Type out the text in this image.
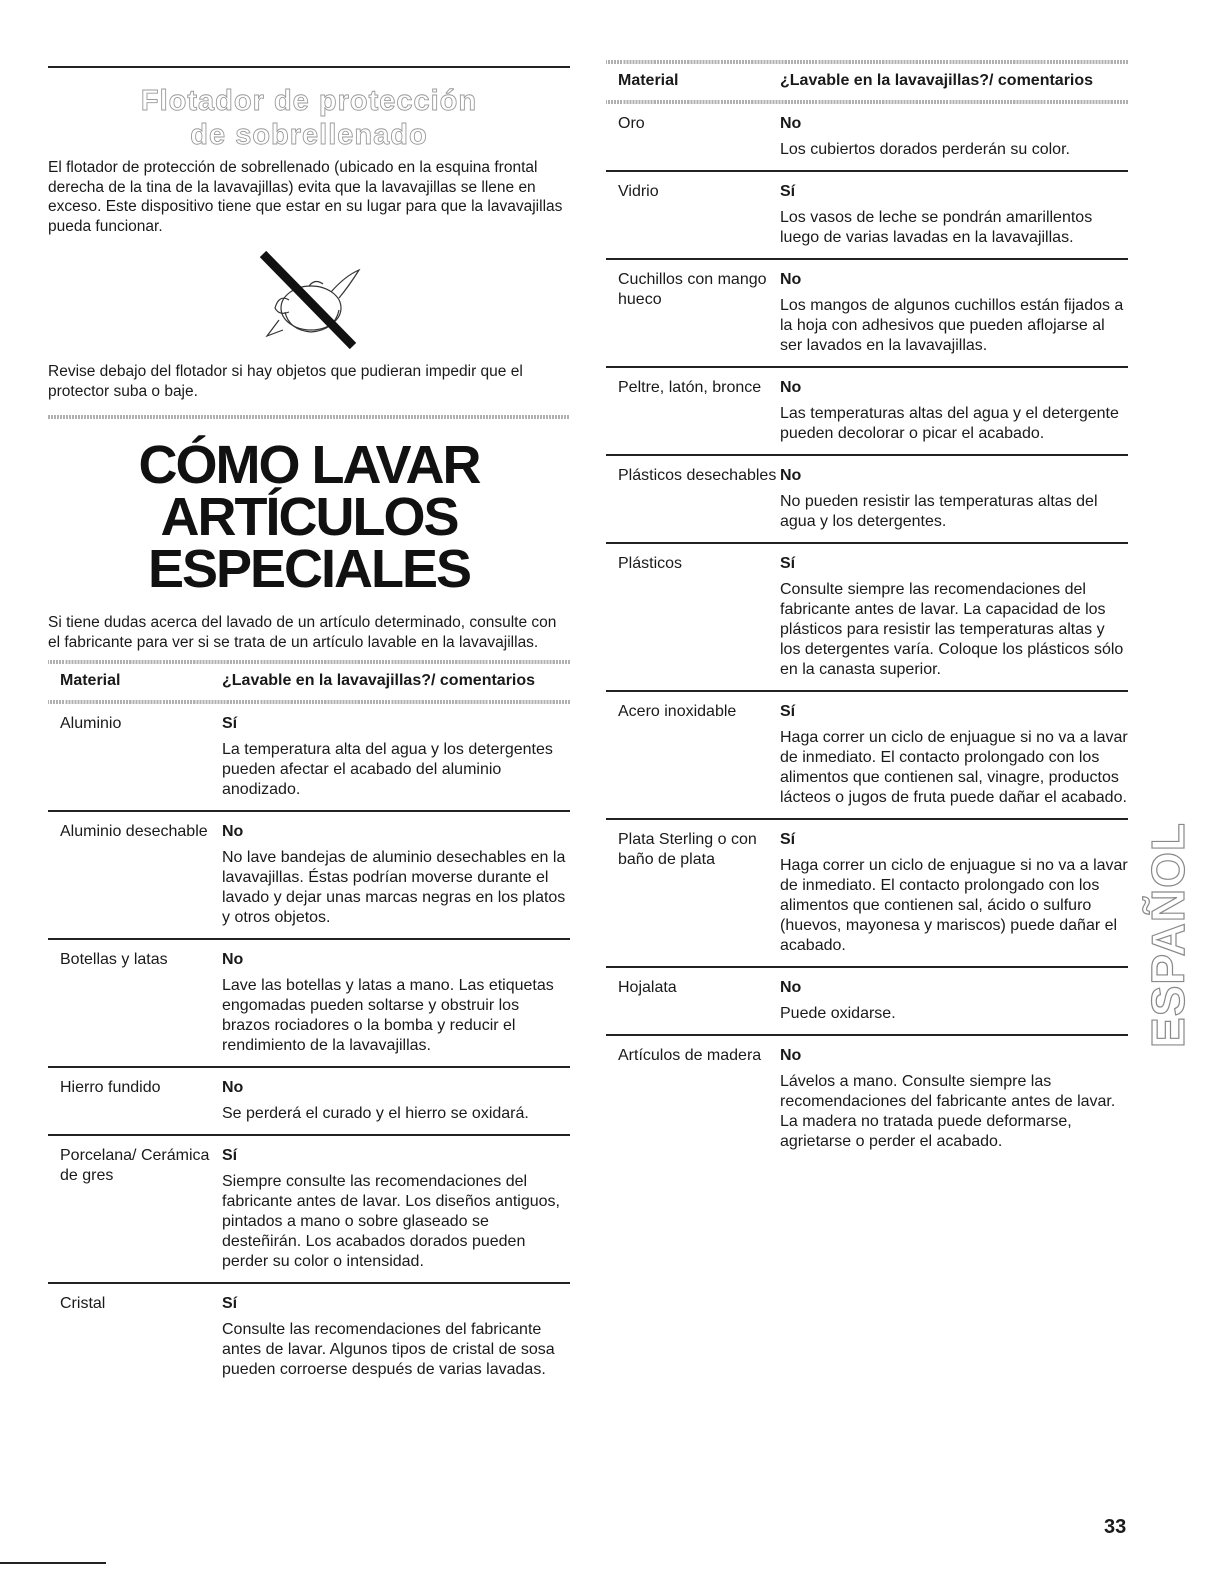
Flotador de protección
de sobrellenado

El flotador de protección de sobrellenado (ubicado en la esquina frontal derecha de la tina de la lavavajillas) evita que la lavavajillas se llene en exceso. Este dispositivo tiene que estar en su lugar para que la lavavajillas pueda funcionar.

Revise debajo del flotador si hay objetos que pudieran impedir que el protector suba o baje.

CÓMO LAVAR
ARTÍCULOS
ESPECIALES

Si tiene dudas acerca del lavado de un artículo determinado, consulte con el fabricante para ver si se trata de un artículo lavable en la lavavajillas.

Material	¿Lavable en la lavavajillas?/ comentarios
Aluminio	Sí
La temperatura alta del agua y los detergentes pueden afectar el acabado del aluminio anodizado.
Aluminio desechable No
No lave bandejas de aluminio desechables en la lavavajillas. Éstas podrían moverse durante el lavado y dejar unas marcas negras en los platos y otros objetos.
Botellas y latas	No
Lave las botellas y latas a mano. Las etiquetas engomadas pueden soltarse y obstruir los brazos rociadores o la bomba y reducir el rendimiento de la lavavajillas.
Hierro fundido	No
Se perderá el curado y el hierro se oxidará.
Porcelana/ Cerámica de gres
Sí
Siempre consulte las recomendaciones del fabricante antes de lavar. Los diseños antiguos, pintados a mano o sobre glaseado se desteñirán. Los acabados dorados pueden perder su color o intensidad.
Cristal	Sí
Consulte las recomendaciones del fabricante antes de lavar. Algunos tipos de cristal de sosa pueden corroerse después de varias lavadas.
Material	¿Lavable en la lavavajillas?/ comentarios
Oro	No
Los cubiertos dorados perderán su color.
Vidrio	Sí
Los vasos de leche se pondrán amarillentos luego de varias lavadas en la lavavajillas.
Cuchillos con mango hueco
No
Los mangos de algunos cuchillos están fijados a la hoja con adhesivos que pueden aflojarse al ser lavados en la lavavajillas.
Peltre, latón, bronce	No
Las temperaturas altas del agua y el detergente pueden decolorar o picar el acabado.
Plásticos desechables No
No pueden resistir las temperaturas altas del agua y los detergentes.
Plásticos	Sí
Consulte siempre las recomendaciones del fabricante antes de lavar. La capacidad de los plásticos para resistir las temperaturas altas y los detergentes varía. Coloque los plásticos sólo en la canasta superior.
Acero inoxidable	Sí
Haga correr un ciclo de enjuague si no va a lavar de inmediato. El contacto prolongado con los alimentos que contienen sal, vinagre, productos lácteos o jugos de fruta puede dañar el acabado.
Plata Sterling o con baño de plata
Sí
Haga correr un ciclo de enjuague si no va a lavar de inmediato. El contacto prolongado con los alimentos que contienen sal, ácido o sulfuro (huevos, mayonesa y mariscos) puede dañar el acabado.
Hojalata	No
Puede oxidarse.
Artículos de madera	No
Lávelos a mano. Consulte siempre las recomendaciones del fabricante antes de lavar. La madera no tratada puede deformarse, agrietarse o perder el acabado.
ESPAÑOL
33
